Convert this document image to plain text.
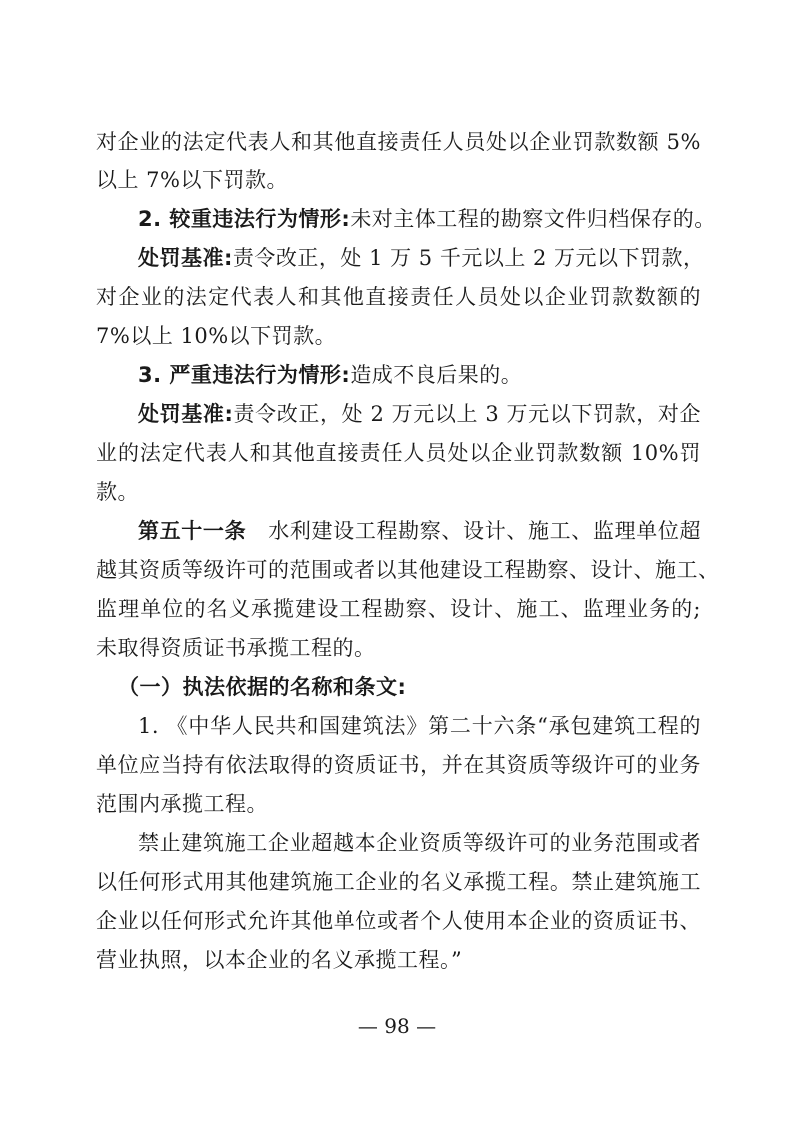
对企业的法定代表人和其他直接责任人员处以企业罚款数额 5%
以上 7%以下罚款。
2. 较重违法行为情形:未对主体工程的勘察文件归档保存的。
处罚基准:责令改正，处 1 万 5 千元以上 2 万元以下罚款，
对企业的法定代表人和其他直接责任人员处以企业罚款数额的
7%以上 10%以下罚款。
3. 严重违法行为情形:造成不良后果的。
处罚基准:责令改正，处 2 万元以上 3 万元以下罚款，对企
业的法定代表人和其他直接责任人员处以企业罚款数额 10%罚
款。
第五十一条 水利建设工程勘察、设计、施工、监理单位超
越其资质等级许可的范围或者以其他建设工程勘察、设计、施工、
监理单位的名义承揽建设工程勘察、设计、施工、监理业务的;
未取得资质证书承揽工程的。
（一）执法依据的名称和条文:
1. 《中华人民共和国建筑法》第二十六条“承包建筑工程的
单位应当持有依法取得的资质证书，并在其资质等级许可的业务
范围内承揽工程。
禁止建筑施工企业超越本企业资质等级许可的业务范围或者
以任何形式用其他建筑施工企业的名义承揽工程。禁止建筑施工
企业以任何形式允许其他单位或者个人使用本企业的资质证书、
营业执照，以本企业的名义承揽工程。”
— 98 —
